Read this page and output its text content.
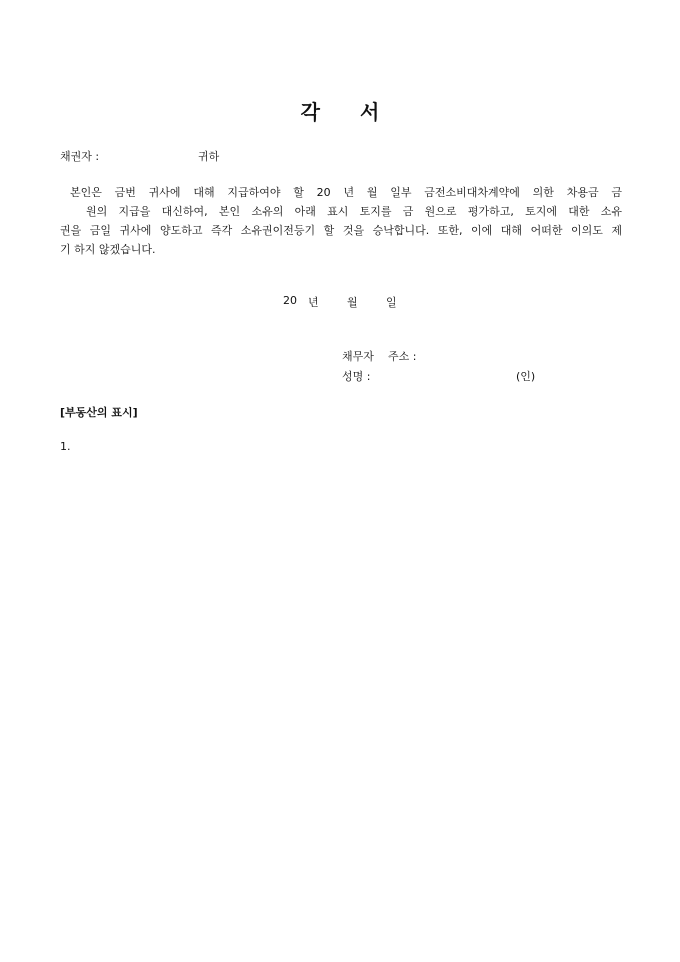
각 서
채권자 :	귀하
본인은 금번 귀사에 대해 지급하여야 할 20 년 월 일부 금전소비대차계약에 의한 차용금 금
원의 지급을 대신하여, 본인 소유의 아래 표시 토지를 금 원으로 평가하고, 토지에 대한 소유
권을 금일 귀사에 양도하고 즉각 소유권이전등기 할 것을 승낙합니다. 또한, 이에 대해 어떠한 이의도 제
기 하지 않겠습니다.
20 년	월	일
채무자 주소 :
성명 :	(인)
[부동산의 표시]
1.
